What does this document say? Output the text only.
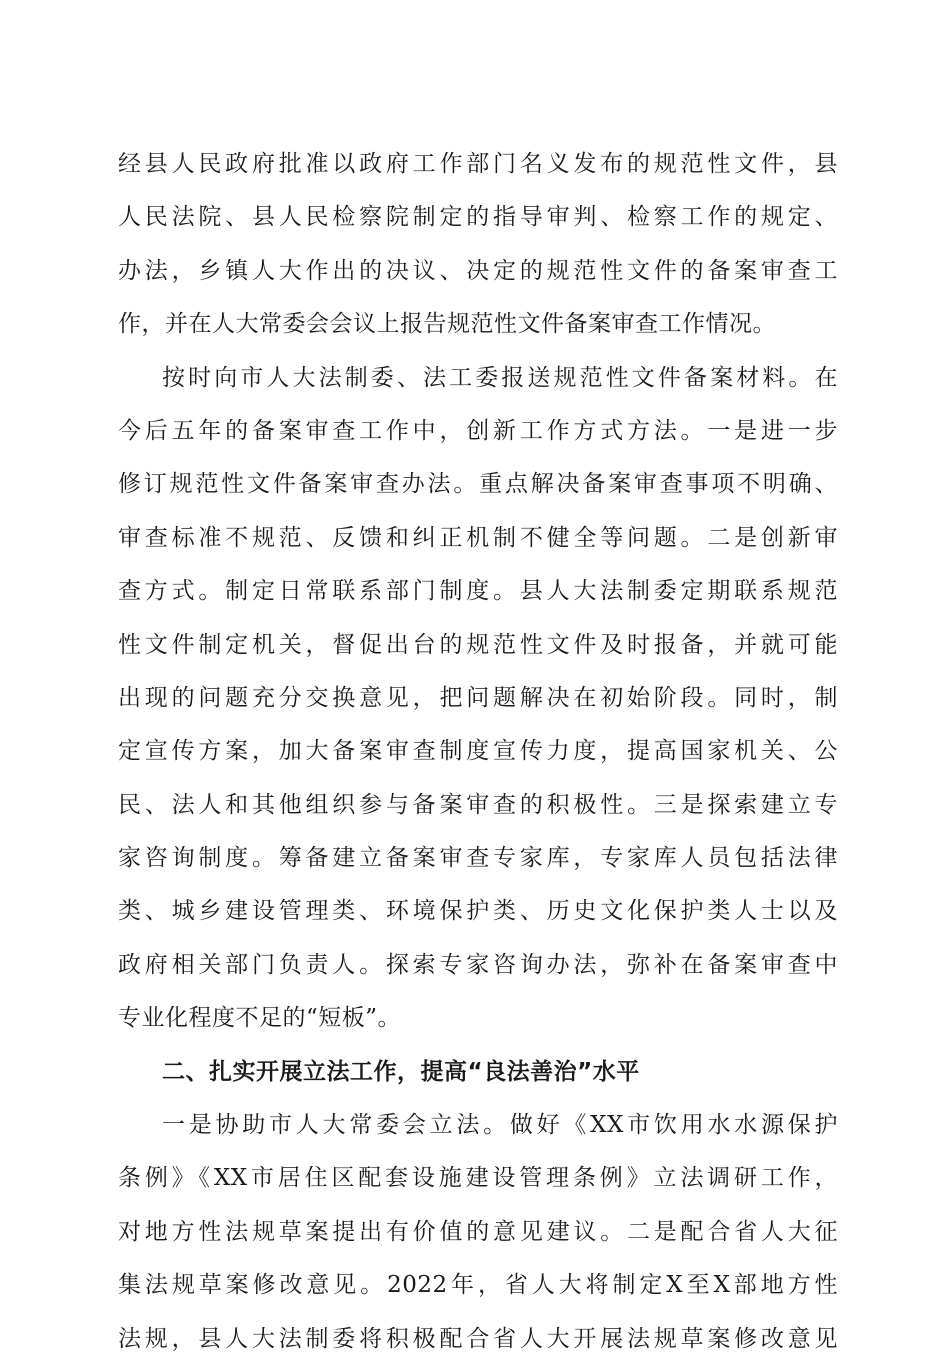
经县人民政府批准以政府工作部门名义发布的规范性文件，县
人民法院、县人民检察院制定的指导审判、检察工作的规定、
办法，乡镇人大作出的决议、决定的规范性文件的备案审查工
作，并在人大常委会会议上报告规范性文件备案审查工作情况。
按时向市人大法制委、法工委报送规范性文件备案材料。在
今后五年的备案审查工作中，创新工作方式方法。一是进一步
修订规范性文件备案审查办法。重点解决备案审查事项不明确、
审查标准不规范、反馈和纠正机制不健全等问题。二是创新审
查方式。制定日常联系部门制度。县人大法制委定期联系规范
性文件制定机关，督促出台的规范性文件及时报备，并就可能
出现的问题充分交换意见，把问题解决在初始阶段。同时，制
定宣传方案，加大备案审查制度宣传力度，提高国家机关、公
民、法人和其他组织参与备案审查的积极性。三是探索建立专
家咨询制度。筹备建立备案审查专家库，专家库人员包括法律
类、城乡建设管理类、环境保护类、历史文化保护类人士以及
政府相关部门负责人。探索专家咨询办法，弥补在备案审查中
专业化程度不足的“短板”。
二、扎实开展立法工作，提高“良法善治”水平
一是协助市人大常委会立法。做好《XX市饮用水水源保护
条例》《XX市居住区配套设施建设管理条例》立法调研工作，
对地方性法规草案提出有价值的意见建议。二是配合省人大征
集法规草案修改意见。2022年，省人大将制定X至X部地方性
法规，县人大法制委将积极配合省人大开展法规草案修改意见
